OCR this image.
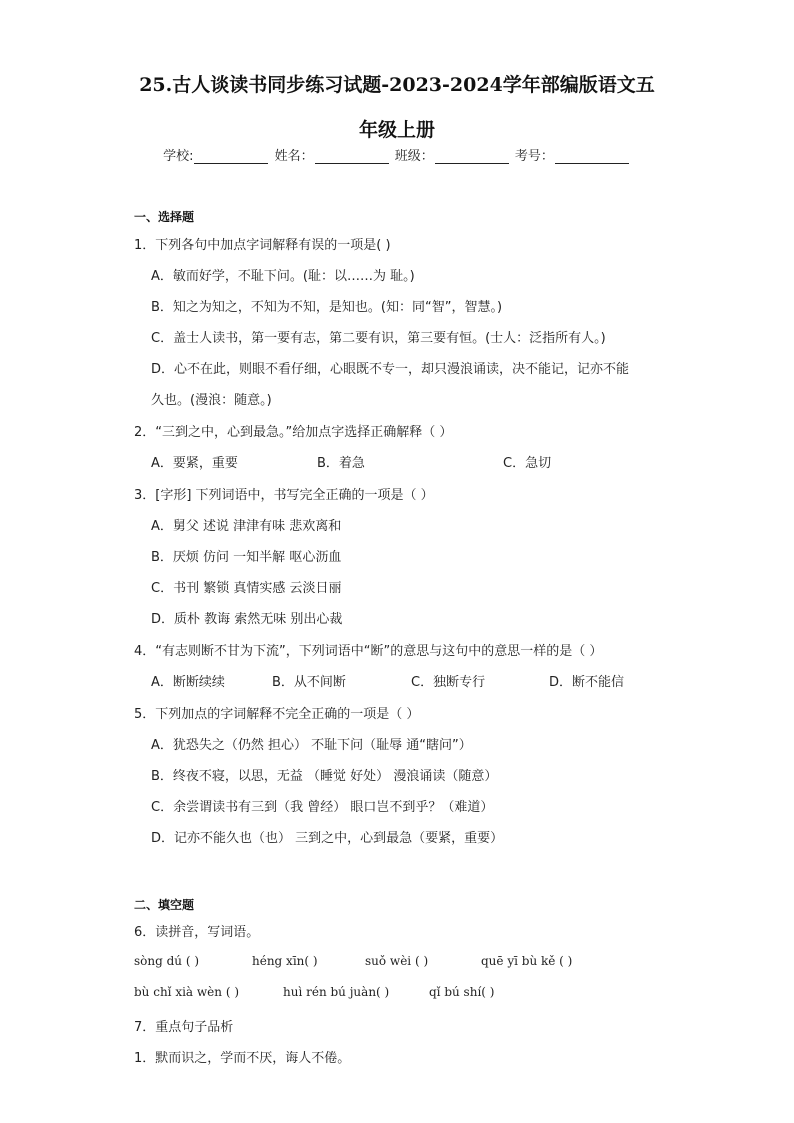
25.古人谈读书同步练习试题-2023-2024学年部编版语文五
年级上册
学校:	姓名：	班级：	考号：
一、选择题
1．下列各句中加点字词解释有误的一项是( )
A．敏而好学，不耻下问。(耻：以……为 耻。)
B．知之为知之，不知为不知，是知也。(知：同“智”，智慧。)
C．盖士人读书，第一要有志，第二要有识，第三要有恒。(士人：泛指所有人。)
D．心不在此，则眼不看仔细，心眼既不专一，却只漫浪诵读，决不能记，记亦不能
久也。(漫浪：随意。)
2．“三到之中，心到最急。”给加点字选择正确解释（ ）
A．要紧，重要	B．着急	C．急切
3．[字形] 下列词语中，书写完全正确的一项是（ ）
A．舅父 述说 津津有味 悲欢离和
B．厌烦 仿问 一知半解 呕心沥血
C．书刊 繁锁 真情实感 云淡日丽
D．质朴 教诲 索然无味 别出心裁
4．“有志则断不甘为下流”，下列词语中“断”的意思与这句中的意思一样的是（ ）
A．断断续续	B．从不间断	C．独断专行	D．断不能信
5．下列加点的字词解释不完全正确的一项是（ ）
A．犹恐失之（仍然 担心） 不耻下问（耻辱 通“瞎问”）
B．终夜不寝，以思，无益 （睡觉 好处） 漫浪诵读（随意）
C．余尝谓读书有三到（我 曾经） 眼口岂不到乎？（难道）
D．记亦不能久也（也） 三到之中，心到最急（要紧，重要）
二、填空题
6．读拼音，写词语。
sòng dú ( )	héng xīn( )	suǒ wèi ( )	quē yī bù kě ( )
bù chǐ xià wèn ( )	huì rén bú juàn( )	qǐ bú shí( )
7．重点句子品析
1．默而识之，学而不厌，诲人不倦。
